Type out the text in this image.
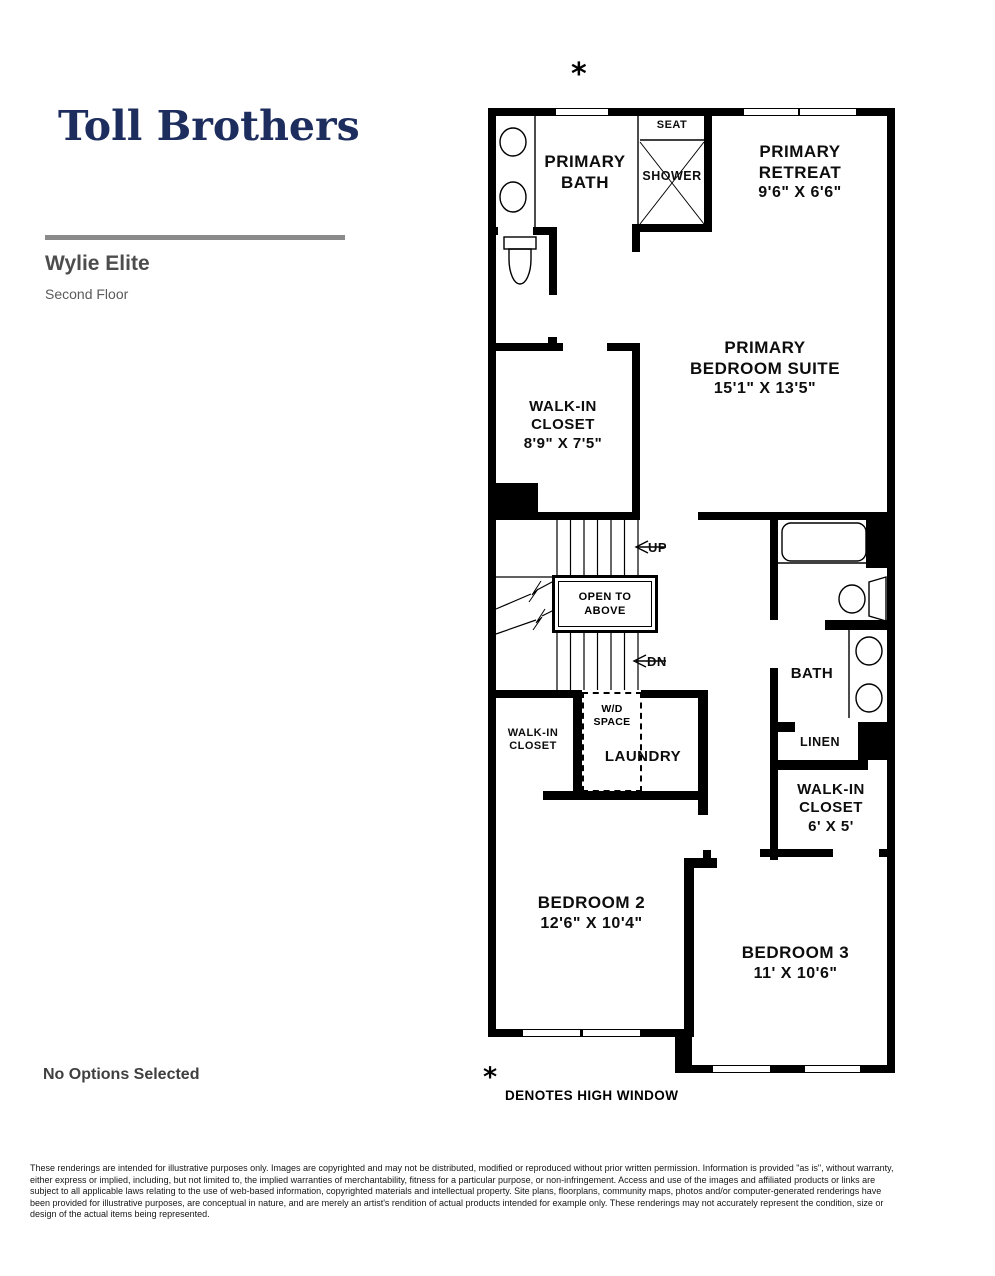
Toll Brothers
Wylie Elite
Second Floor
*
PRIMARY
BATH
SEAT
SHOWER
PRIMARY
RETREAT
9'6" X 6'6"
PRIMARY
BEDROOM SUITE
15'1" X 13'5"
WALK-IN
CLOSET
8'9" X 7'5"
UP
DN
OPEN TO
ABOVE
W/D
SPACE
LAUNDRY
WALK-IN
CLOSET
BATH
LINEN
WALK-IN
CLOSET
6' X 5'
BEDROOM 2
12'6" X 10'4"
BEDROOM 3
11' X 10'6"
No Options Selected	*
DENOTES HIGH WINDOW
These renderings are intended for illustrative purposes only. Images are copyrighted and may not be distributed, modified or reproduced without prior written permission. Information is provided "as is", without warranty, either express or implied, including, but not limited to, the implied warranties of merchantability, fitness for a particular purpose, or non-infringement. Access and use of the images and affiliated products or links are subject to all applicable laws relating to the use of web-based information, copyrighted materials and intellectual property. Site plans, floorplans, community maps, photos and/or computer-generated renderings have been provided for illustrative purposes, are conceptual in nature, and are merely an artist's rendition of actual products intended for example only. These renderings may not accurately represent the condition, size or design of the actual items being represented.
